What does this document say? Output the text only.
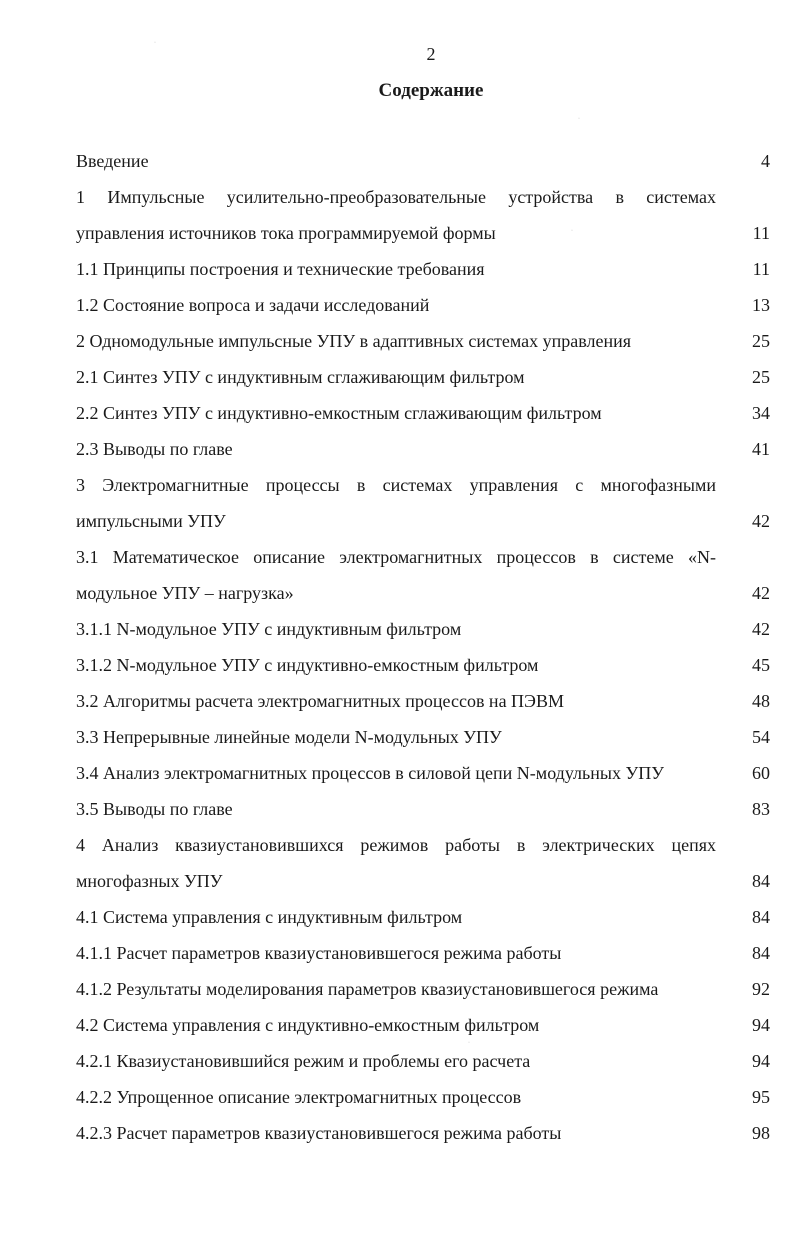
2
Содержание
Введение	4
1 Импульсные усилительно-преобразовательные устройства в системах
управления источников тока программируемой формы	11
1.1 Принципы построения и технические требования	11
1.2 Состояние вопроса и задачи исследований	13
2 Одномодульные импульсные УПУ в адаптивных системах управления	25
2.1 Синтез УПУ с индуктивным сглаживающим фильтром	25
2.2 Синтез УПУ с индуктивно-емкостным сглаживающим фильтром	34
2.3 Выводы по главе	41
3 Электромагнитные процессы в системах управления с многофазными
импульсными УПУ	42
3.1 Математическое описание электромагнитных процессов в системе «N-
модульное УПУ – нагрузка»	42
3.1.1 N-модульное УПУ с индуктивным фильтром	42
3.1.2 N-модульное УПУ с индуктивно-емкостным фильтром	45
3.2 Алгоритмы расчета электромагнитных процессов на ПЭВМ	48
3.3 Непрерывные линейные модели N-модульных УПУ	54
3.4 Анализ электромагнитных процессов в силовой цепи N-модульных УПУ	60
3.5 Выводы по главе	83
4 Анализ квазиустановившихся режимов работы в электрических цепях
многофазных УПУ	84
4.1 Система управления с индуктивным фильтром	84
4.1.1 Расчет параметров квазиустановившегося режима работы	84
4.1.2 Результаты моделирования параметров квазиустановившегося режима	92
4.2 Система управления с индуктивно-емкостным фильтром	94
4.2.1 Квазиустановившийся режим и проблемы его расчета	94
4.2.2 Упрощенное описание электромагнитных процессов	95
4.2.3 Расчет параметров квазиустановившегося режима работы	98
·
·
·
·
